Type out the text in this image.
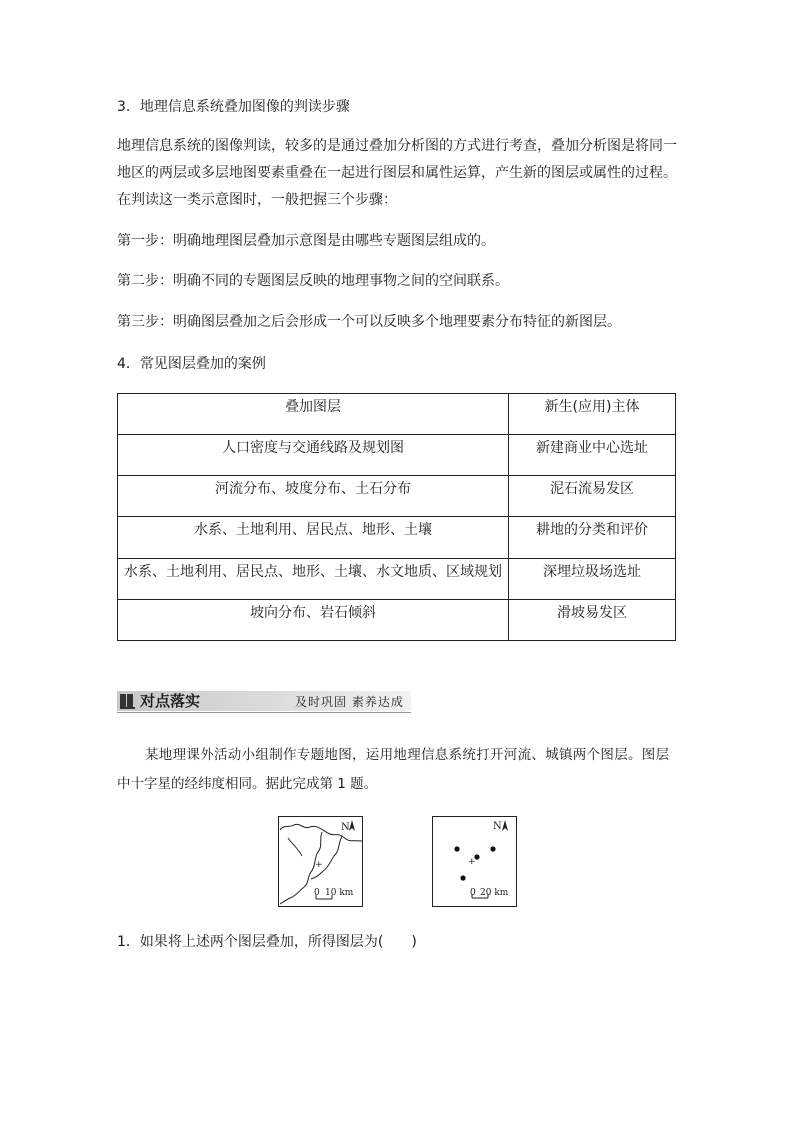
3．地理信息系统叠加图像的判读步骤
地理信息系统的图像判读，较多的是通过叠加分析图的方式进行考查，叠加分析图是将同一
地区的两层或多层地图要素重叠在一起进行图层和属性运算，产生新的图层或属性的过程。
在判读这一类示意图时，一般把握三个步骤：
第一步：明确地理图层叠加示意图是由哪些专题图层组成的。
第二步：明确不同的专题图层反映的地理事物之间的空间联系。
第三步：明确图层叠加之后会形成一个可以反映多个地理要素分布特征的新图层。
4．常见图层叠加的案例
叠加图层	新生(应用)主体
人口密度与交通线路及规划图	新建商业中心选址
河流分布、坡度分布、土石分布	泥石流易发区
水系、土地利用、居民点、地形、土壤	耕地的分类和评价
水系、土地利用、居民点、地形、土壤、水文地质、区域规划	深埋垃圾场选址
坡向分布、岩石倾斜	滑坡易发区
对点落实	及时巩固 素养达成
某地理课外活动小组制作专题地图，运用地理信息系统打开河流、城镇两个图层。图层
中十字星的经纬度相同。据此完成第 1 题。
+
N
0 10 km
+
N
0 20 km
1．如果将上述两个图层叠加，所得图层为(　　)
